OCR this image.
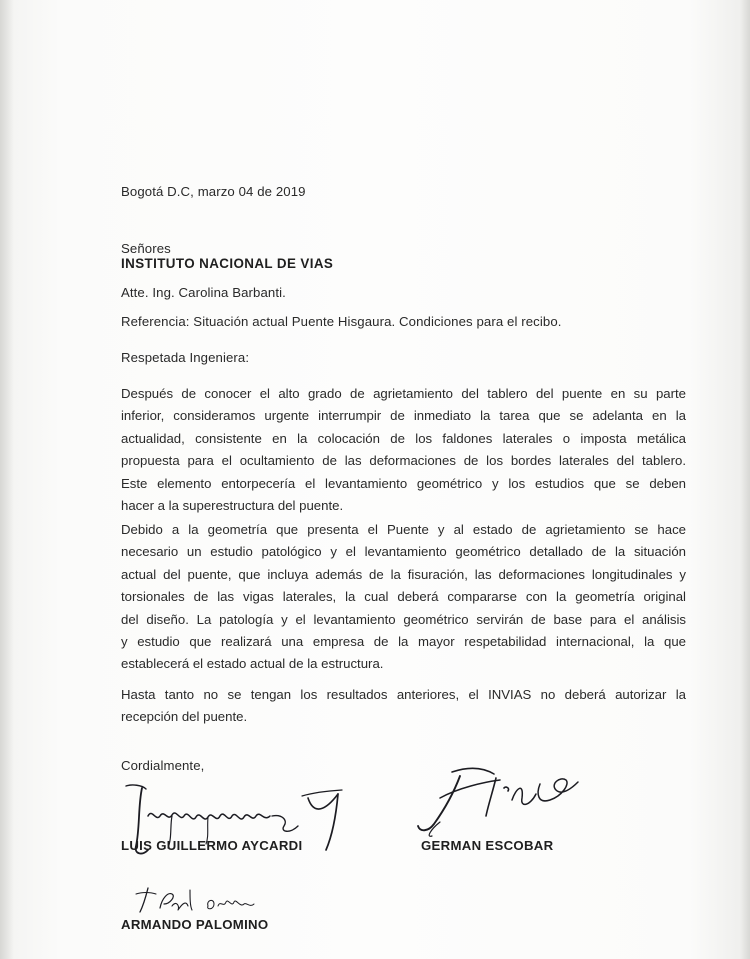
Bogotá D.C, marzo 04 de 2019
Señores
INSTITUTO NACIONAL DE VIAS
Atte. Ing. Carolina Barbanti.
Referencia: Situación actual Puente Hisgaura. Condiciones para el recibo.
Respetada Ingeniera:
Después de conocer el alto grado de agrietamiento del tablero del puente en su parte
inferior, consideramos urgente interrumpir de inmediato la tarea que se adelanta en la
actualidad, consistente en la colocación de los faldones laterales o imposta metálica
propuesta para el ocultamiento de las deformaciones de los bordes laterales del tablero.
Este elemento entorpecería el levantamiento geométrico y los estudios que se deben
hacer a la superestructura del puente.
Debido a la geometría que presenta el Puente y al estado de agrietamiento se hace
necesario un estudio patológico y el levantamiento geométrico detallado de la situación
actual del puente, que incluya además de la fisuración, las deformaciones longitudinales y
torsionales de las vigas laterales, la cual deberá compararse con la geometría original
del diseño. La patología y el levantamiento geométrico servirán de base para el análisis
y estudio que realizará una empresa de la mayor respetabilidad internacional, la que
establecerá el estado actual de la estructura.
Hasta tanto no se tengan los resultados anteriores, el INVIAS no deberá autorizar la
recepción del puente.
Cordialmente,
LUIS GUILLERMO AYCARDI	GERMAN ESCOBAR
ARMANDO PALOMINO
